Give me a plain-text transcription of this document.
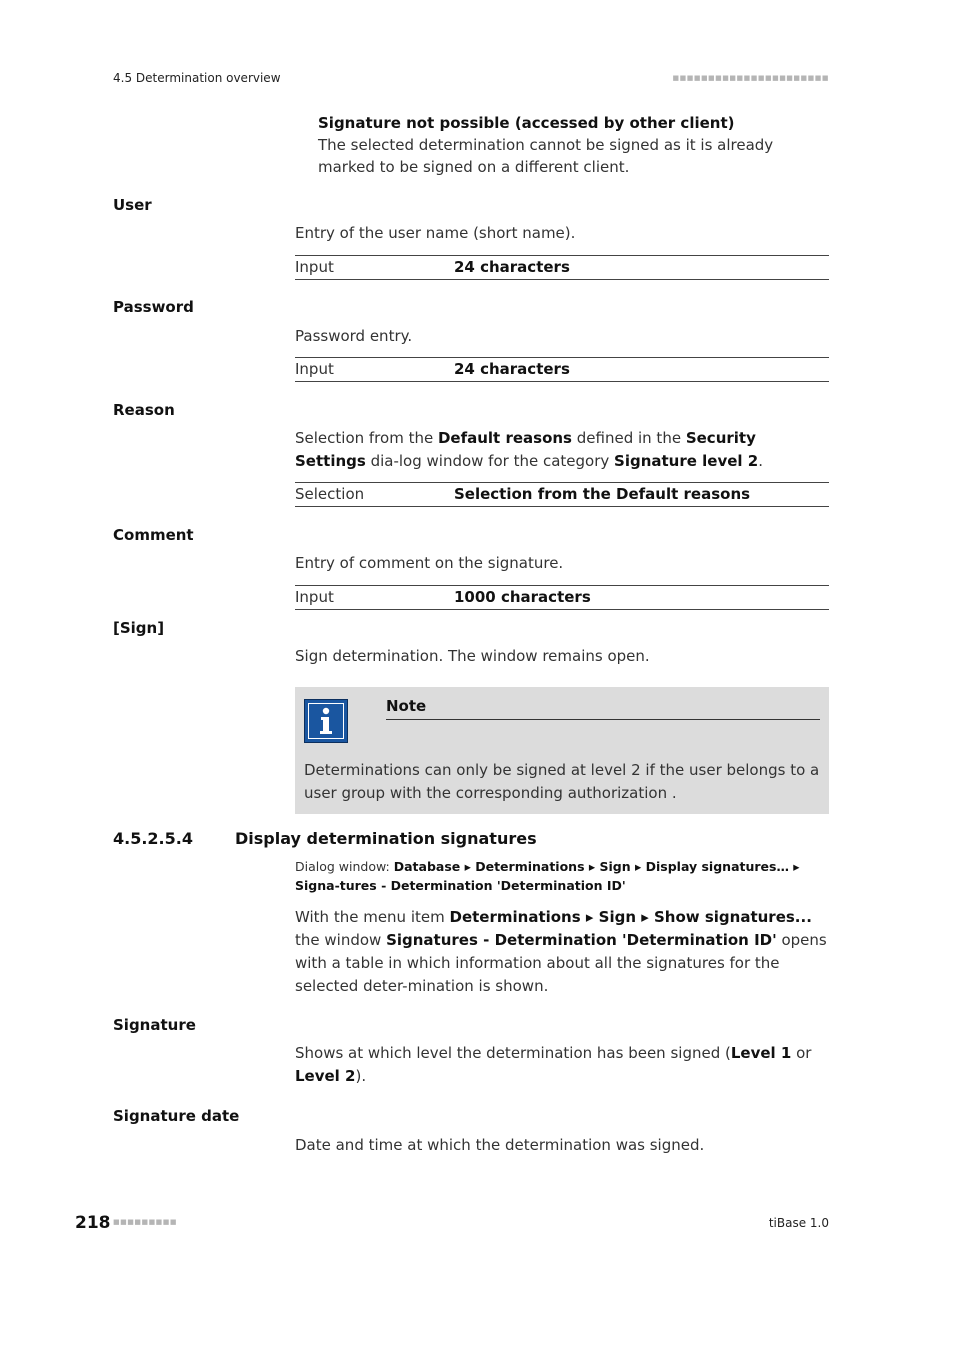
4.5 Determination overview	■■■■■■■■■■■■■■■■■■■■■■
Signature not possible (accessed by other client)
The selected determination cannot be signed as it is already marked to be signed on a different client.
User
Entry of the user name (short name).
Input	24 characters
Password
Password entry.
Input	24 characters
Reason
Selection from the Default reasons defined in the Security Settings dia-log window for the category Signature level 2.
Selection	Selection from the Default reasons
Comment
Entry of comment on the signature.
Input	1000 characters
[Sign]
Sign determination. The window remains open.
Note
Determinations can only be signed at level 2 if the user belongs to a user group with the corresponding authorization .
4.5.2.5.4	Display determination signatures
Dialog window: Database ▸ Determinations ▸ Sign ▸ Display signatures… ▸ Signa-tures - Determination 'Determination ID'
With the menu item Determinations ▸ Sign ▸ Show signatures... the window Signatures - Determination 'Determination ID' opens with a table in which information about all the signatures for the selected deter-mination is shown.
Signature
Shows at which level the determination has been signed (Level 1 or Level 2).
Signature date
Date and time at which the determination was signed.
218 ■■■■■■■■■	tiBase 1.0
